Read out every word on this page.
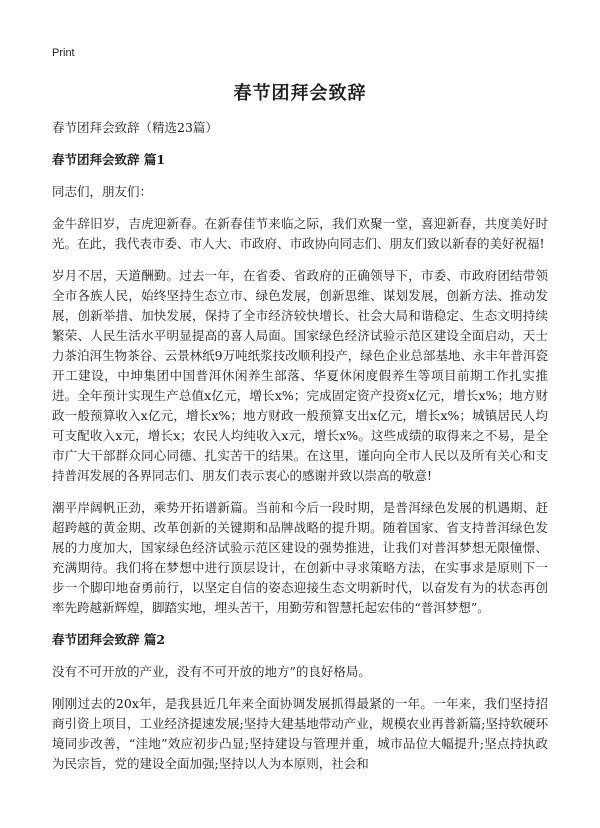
Print
春节团拜会致辞

春节团拜会致辞（精选23篇）

春节团拜会致辞 篇1

同志们，朋友们：

金牛辞旧岁，吉虎迎新春。在新春佳节来临之际，我们欢聚一堂，喜迎新春，共度美好时光。在此，我代表市委、市人大、市政府、市政协向同志们、朋友们致以新春的美好祝福!

岁月不居，天道酬勤。过去一年，在省委、省政府的正确领导下，市委、市政府团结带领全市各族人民，始终坚持生态立市、绿色发展，创新思维、谋划发展，创新方法、推动发展，创新举措、加快发展，保持了全市经济较快增长、社会大局和谐稳定、生态文明持续繁荣、人民生活水平明显提高的喜人局面。国家绿色经济试验示范区建设全面启动，天士力茶泊洱生物茶谷、云景林纸9万吨纸浆技改顺利投产，绿色企业总部基地、永丰年普洱瓷开工建设，中坤集团中国普洱休闲养生部落、华夏休闲度假养生等项目前期工作扎实推进。全年预计实现生产总值x亿元，增长x%；完成固定资产投资x亿元，增长x%；地方财政一般预算收入x亿元，增长x%；地方财政一般预算支出x亿元，增长x%；城镇居民人均可支配收入x元，增长x；农民人均纯收入x元，增长x%。这些成绩的取得来之不易，是全市广大干部群众同心同德、扎实苦干的结果。在这里，谨向向全市人民以及所有关心和支持普洱发展的各界同志们、朋友们表示衷心的感谢并致以崇高的敬意!

潮平岸阔帆正劲，乘势开拓谱新篇。当前和今后一段时期，是普洱绿色发展的机遇期、赶超跨越的黄金期、改革创新的关键期和品牌战略的提升期。随着国家、省支持普洱绿色发展的力度加大，国家绿色经济试验示范区建设的强势推进，让我们对普洱梦想无限憧憬、充满期待。我们将在梦想中进行顶层设计，在创新中寻求策略方法，在实事求是原则下一步一个脚印地奋勇前行，以坚定自信的姿态迎接生态文明新时代，以奋发有为的状态再创率先跨越新辉煌，脚踏实地，埋头苦干，用勤劳和智慧托起宏伟的“普洱梦想”。

春节团拜会致辞 篇2

没有不可开放的产业，没有不可开放的地方”的良好格局。

刚刚过去的20x年，是我县近几年来全面协调发展抓得最紧的一年。一年来，我们坚持招商引资上项目，工业经济提速发展;坚持大建基地带动产业，规模农业再普新篇;坚持软硬环境同步改善，“洼地”效应初步凸显;坚持建设与管理并重，城市品位大幅提升;坚点持执政为民宗旨，党的建设全面加强;坚持以人为本原则，社会和
